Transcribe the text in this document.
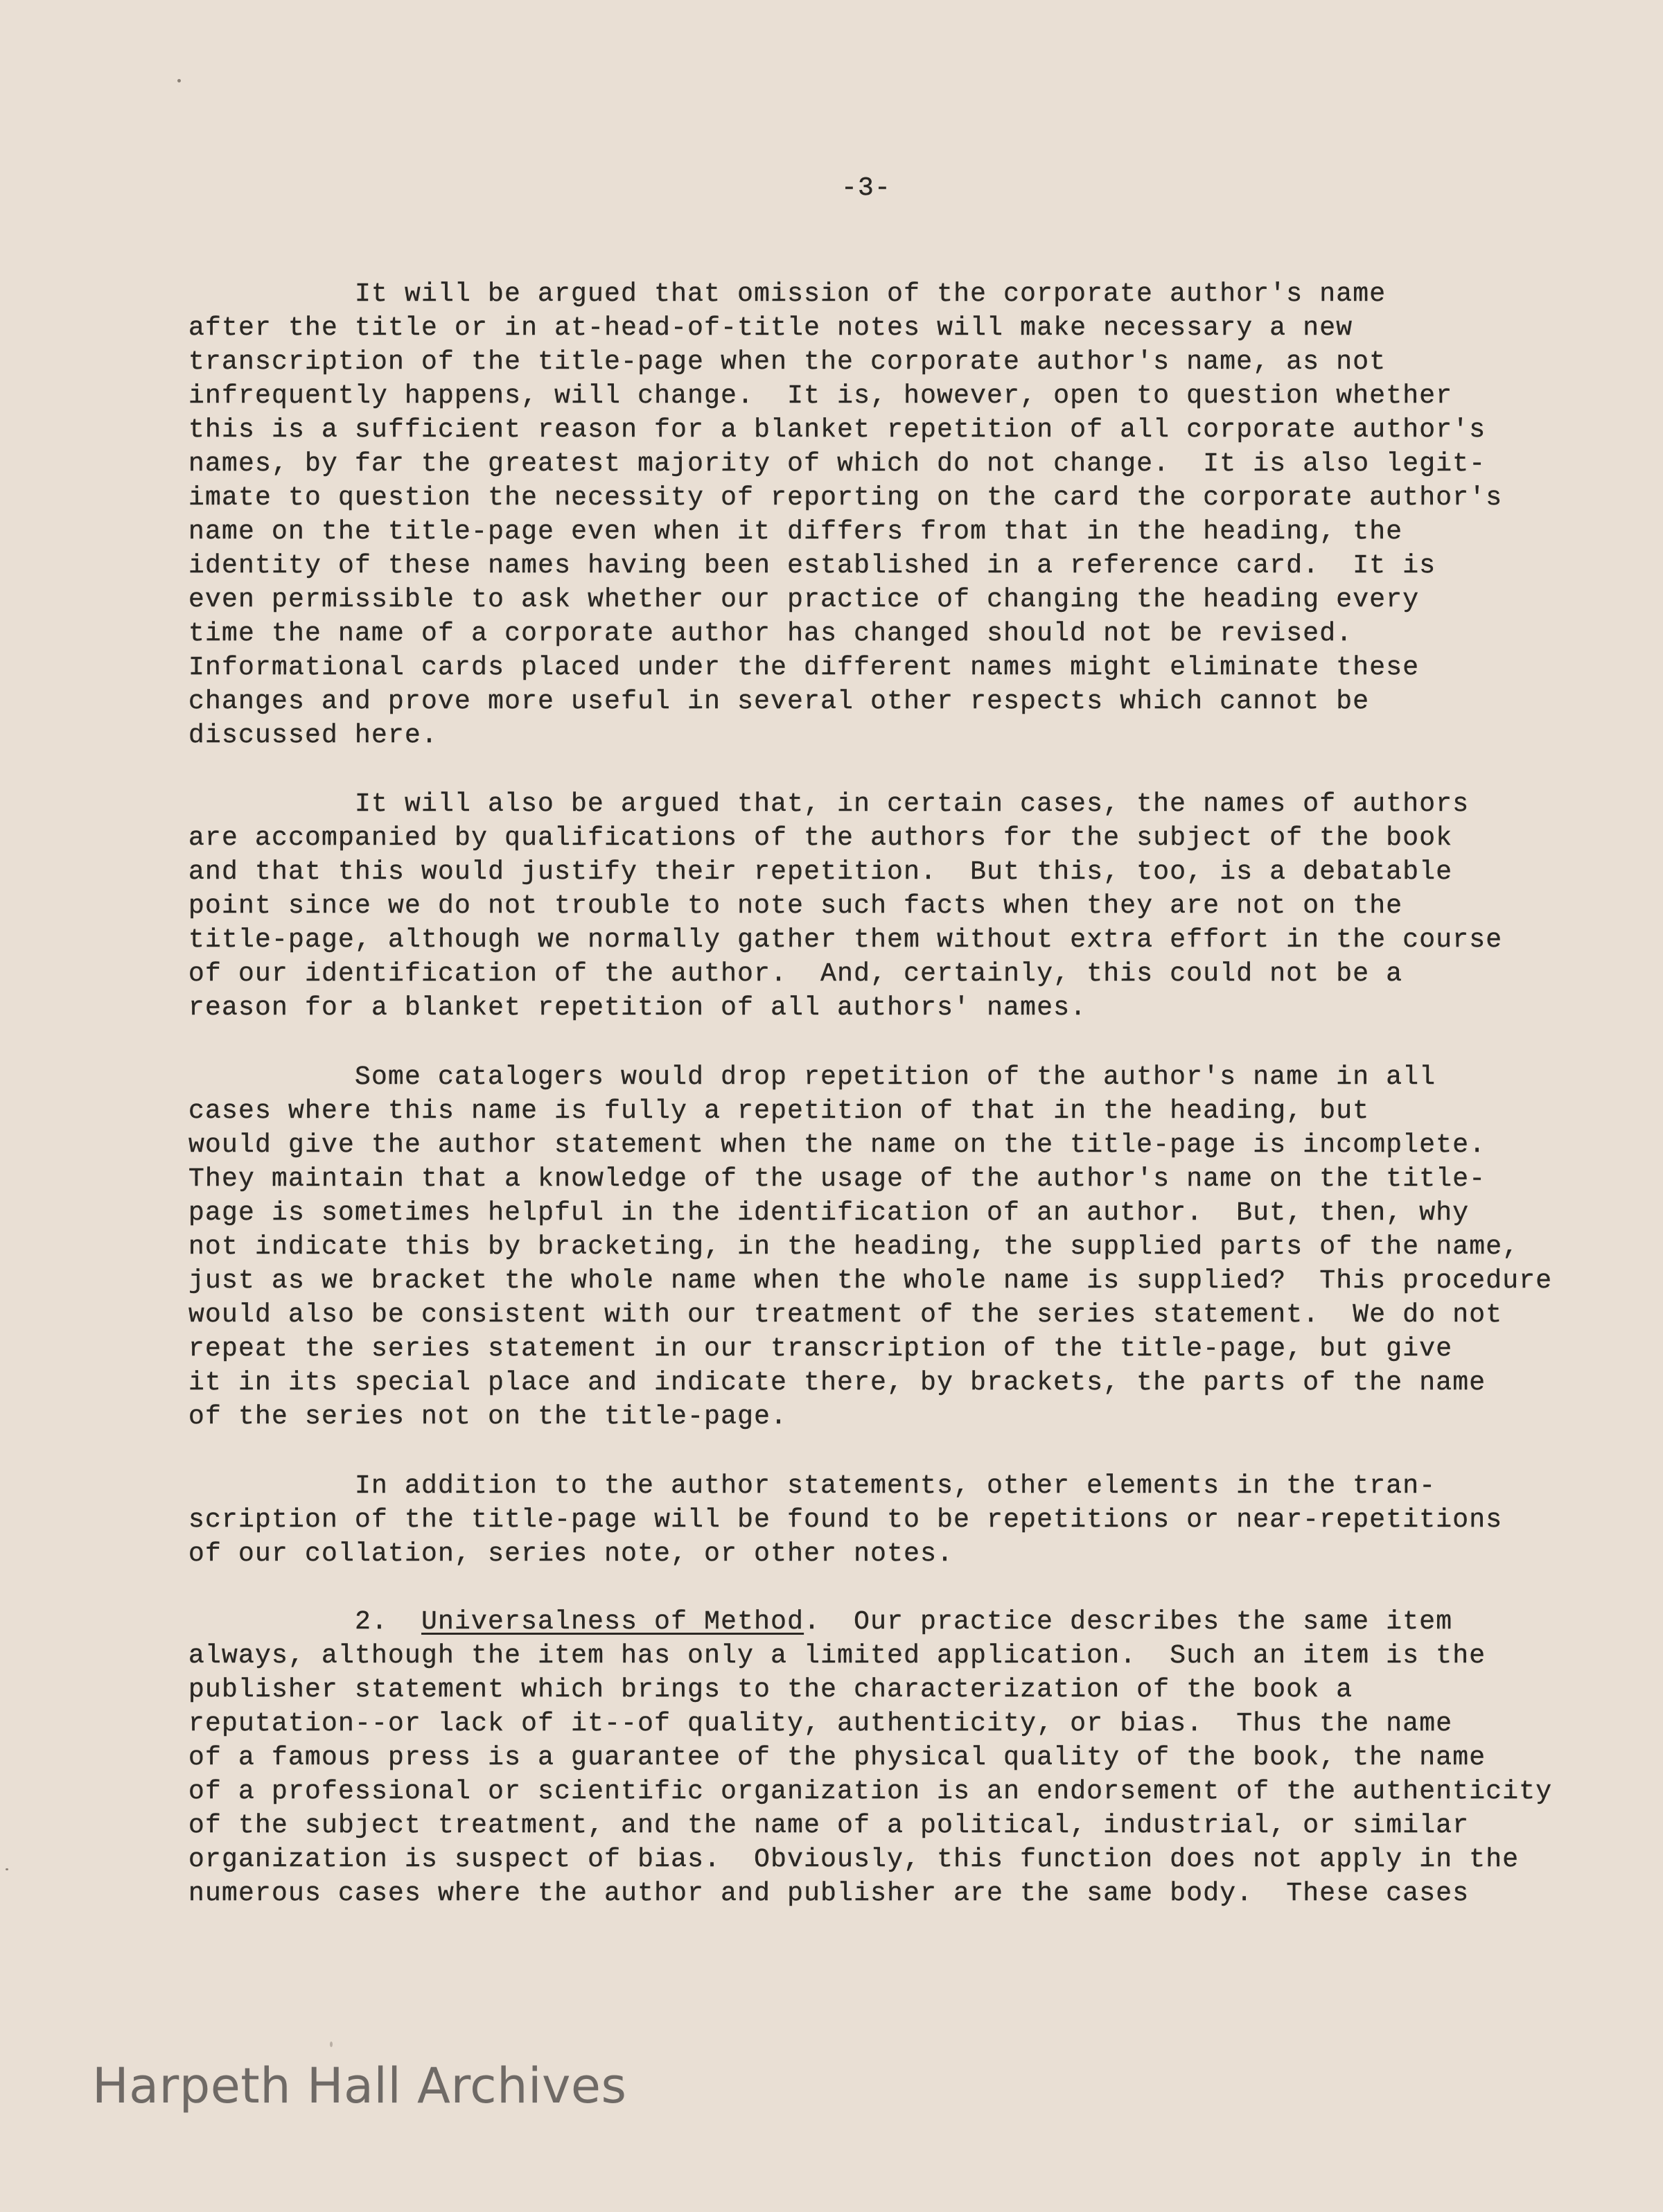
-3-

It will be argued that omission of the corporate author's name
after the title or in at-head-of-title notes will make necessary a new
transcription of the title-page when the corporate author's name, as not
infrequently happens, will change.  It is, however, open to question whether
this is a sufficient reason for a blanket repetition of all corporate author's
names, by far the greatest majority of which do not change.  It is also legit-
imate to question the necessity of reporting on the card the corporate author's
name on the title-page even when it differs from that in the heading, the
identity of these names having been established in a reference card.  It is
even permissible to ask whether our practice of changing the heading every
time the name of a corporate author has changed should not be revised.
Informational cards placed under the different names might eliminate these
changes and prove more useful in several other respects which cannot be
discussed here.
It will also be argued that, in certain cases, the names of authors
are accompanied by qualifications of the authors for the subject of the book
and that this would justify their repetition.  But this, too, is a debatable
point since we do not trouble to note such facts when they are not on the
title-page, although we normally gather them without extra effort in the course
of our identification of the author.  And, certainly, this could not be a
reason for a blanket repetition of all authors' names.
Some catalogers would drop repetition of the author's name in all
cases where this name is fully a repetition of that in the heading, but
would give the author statement when the name on the title-page is incomplete.
They maintain that a knowledge of the usage of the author's name on the title-
page is sometimes helpful in the identification of an author.  But, then, why
not indicate this by bracketing, in the heading, the supplied parts of the name,
just as we bracket the whole name when the whole name is supplied?  This procedure
would also be consistent with our treatment of the series statement.  We do not
repeat the series statement in our transcription of the title-page, but give
it in its special place and indicate there, by brackets, the parts of the name
of the series not on the title-page.
In addition to the author statements, other elements in the tran-
scription of the title-page will be found to be repetitions or near-repetitions
of our collation, series note, or other notes.
2. Universalness of Method.  Our practice describes the same item
always, although the item has only a limited application.  Such an item is the
publisher statement which brings to the characterization of the book a
reputation--or lack of it--of quality, authenticity, or bias.  Thus the name
of a famous press is a guarantee of the physical quality of the book, the name
of a professional or scientific organization is an endorsement of the authenticity
of the subject treatment, and the name of a political, industrial, or similar
organization is suspect of bias.  Obviously, this function does not apply in the
numerous cases where the author and publisher are the same body.  These cases

Harpeth Hall Archives
